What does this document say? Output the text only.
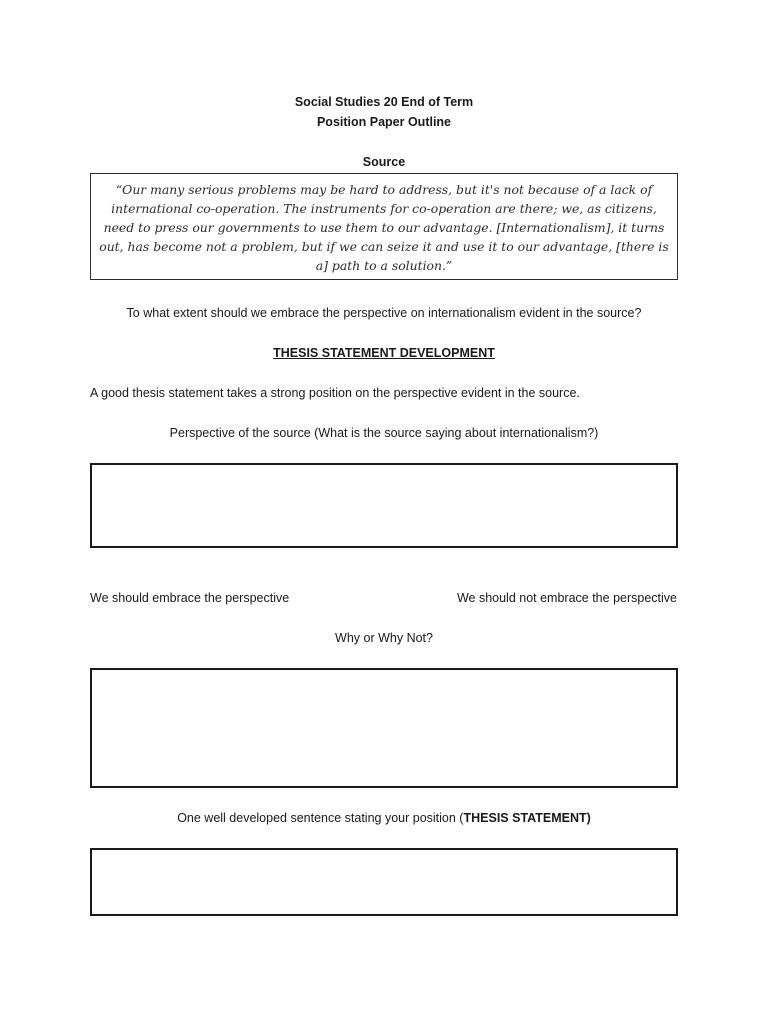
Social Studies 20 End of Term
Position Paper Outline
Source
“Our many serious problems may be hard to address, but it's not because of a lack of international co-operation. The instruments for co-operation are there; we, as citizens, need to press our governments to use them to our advantage. [Internationalism], it turns out, has become not a problem, but if we can seize it and use it to our advantage, [there is a] path to a solution.”
To what extent should we embrace the perspective on internationalism evident in the source?
THESIS STATEMENT DEVELOPMENT
A good thesis statement takes a strong position on the perspective evident in the source.
Perspective of the source (What is the source saying about internationalism?)
We should embrace the perspective	We should not embrace the perspective
Why or Why Not?
One well developed sentence stating your position (THESIS STATEMENT)
